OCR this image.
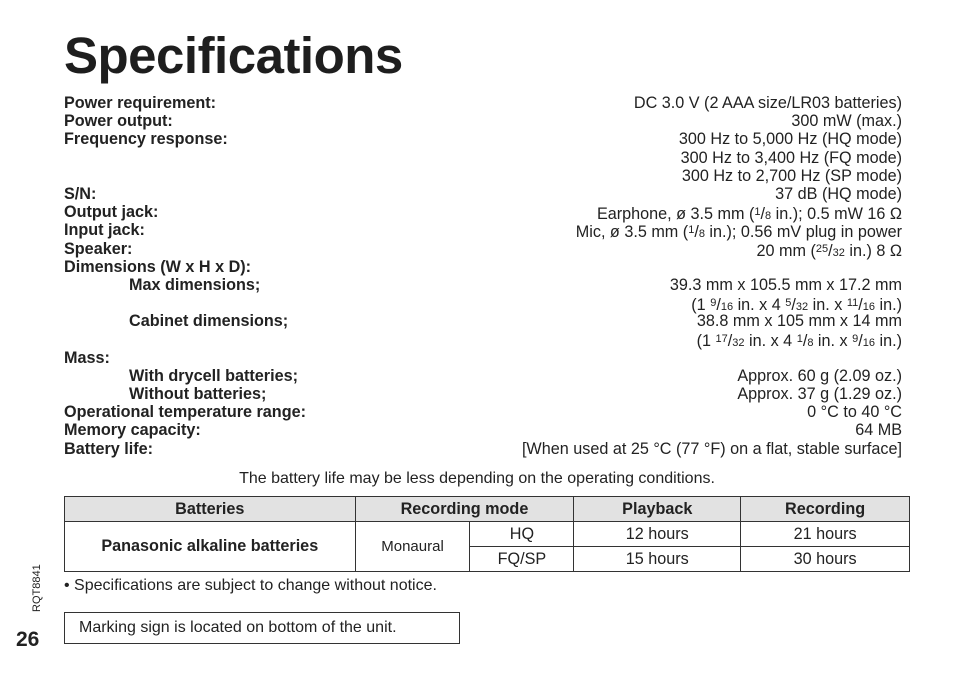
Specifications
Power requirement:	DC 3.0 V (2 AAA size/LR03 batteries)
Power output:	300 mW (max.)
Frequency response:	300 Hz to 5,000 Hz (HQ mode)
300 Hz to 3,400 Hz (FQ mode)
300 Hz to 2,700 Hz (SP mode)
S/N:	37 dB (HQ mode)
Output jack:	Earphone, ø 3.5 mm ($^1$/8 in.); 0.5 mW 16 Ω
Input jack:	Mic, ø 3.5 mm ($^1$/8 in.); 0.56 mV plug in power
Speaker:	20 mm ($^{25}$/32 in.) 8 Ω
Dimensions (W x H x D):
Max dimensions;	39.3 mm x 105.5 mm x 17.2 mm
(1 $^9$/16 in. x 4 $^5$/32 in. x $^{11}$/16 in.)
Cabinet dimensions;	38.8 mm x 105 mm x 14 mm
(1 $^{17}$/32 in. x 4 $^1$/8 in. x $^9$/16 in.)
Mass:
With drycell batteries;	Approx. 60 g (2.09 oz.)
Without batteries;	Approx. 37 g (1.29 oz.)
Operational temperature range:	0 °C to 40 °C
Memory capacity:	64 MB
Battery life:	[When used at 25 °C (77 °F) on a flat, stable surface]
The battery life may be less depending on the operating conditions.
Batteries	Recording mode		Playback	Recording
Panasonic alkaline batteries	Monaural	HQ	12 hours	21 hours
		FQ/SP	15 hours	30 hours
• Specifications are subject to change without notice.
Marking sign is located on bottom of the unit.
RQT8841
26
